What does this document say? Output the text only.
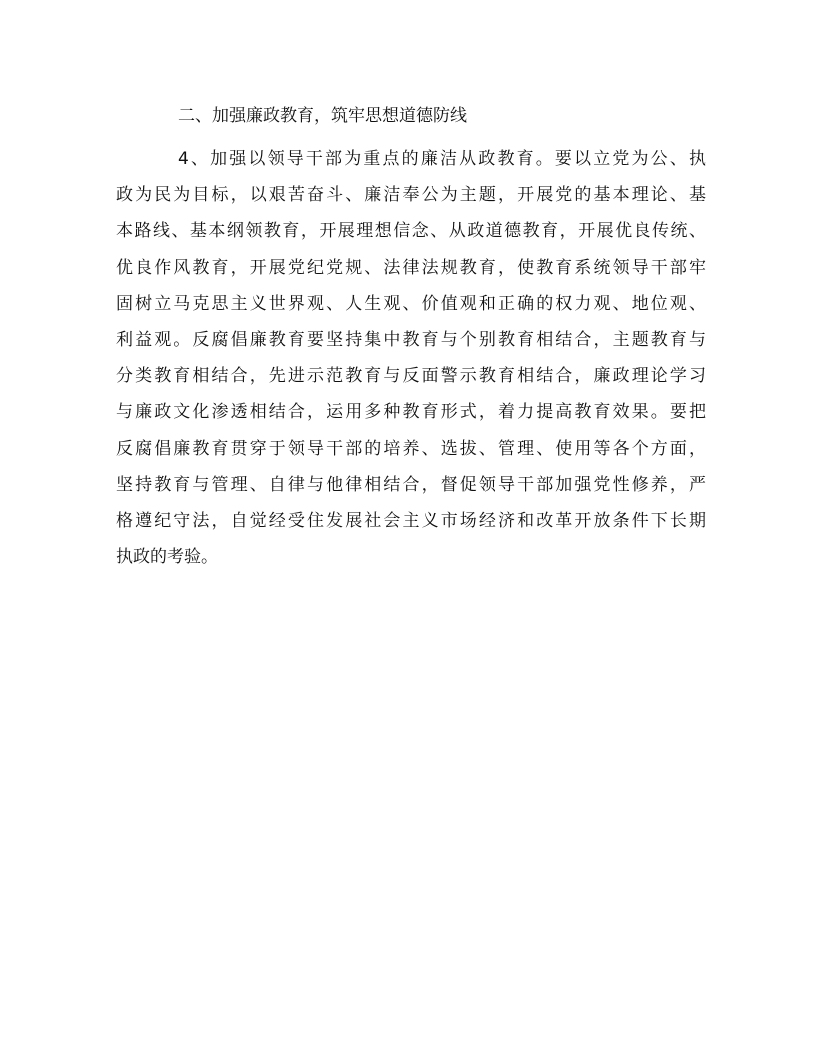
二、加强廉政教育，筑牢思想道德防线
4、加强以领导干部为重点的廉洁从政教育。要以立党为公、执
政为民为目标，以艰苦奋斗、廉洁奉公为主题，开展党的基本理论、基
本路线、基本纲领教育，开展理想信念、从政道德教育，开展优良传统、
优良作风教育，开展党纪党规、法律法规教育，使教育系统领导干部牢
固树立马克思主义世界观、人生观、价值观和正确的权力观、地位观、
利益观。反腐倡廉教育要坚持集中教育与个别教育相结合，主题教育与
分类教育相结合，先进示范教育与反面警示教育相结合，廉政理论学习
与廉政文化渗透相结合，运用多种教育形式，着力提高教育效果。要把
反腐倡廉教育贯穿于领导干部的培养、选拔、管理、使用等各个方面，
坚持教育与管理、自律与他律相结合，督促领导干部加强党性修养，严
格遵纪守法，自觉经受住发展社会主义市场经济和改革开放条件下长期
执政的考验。
